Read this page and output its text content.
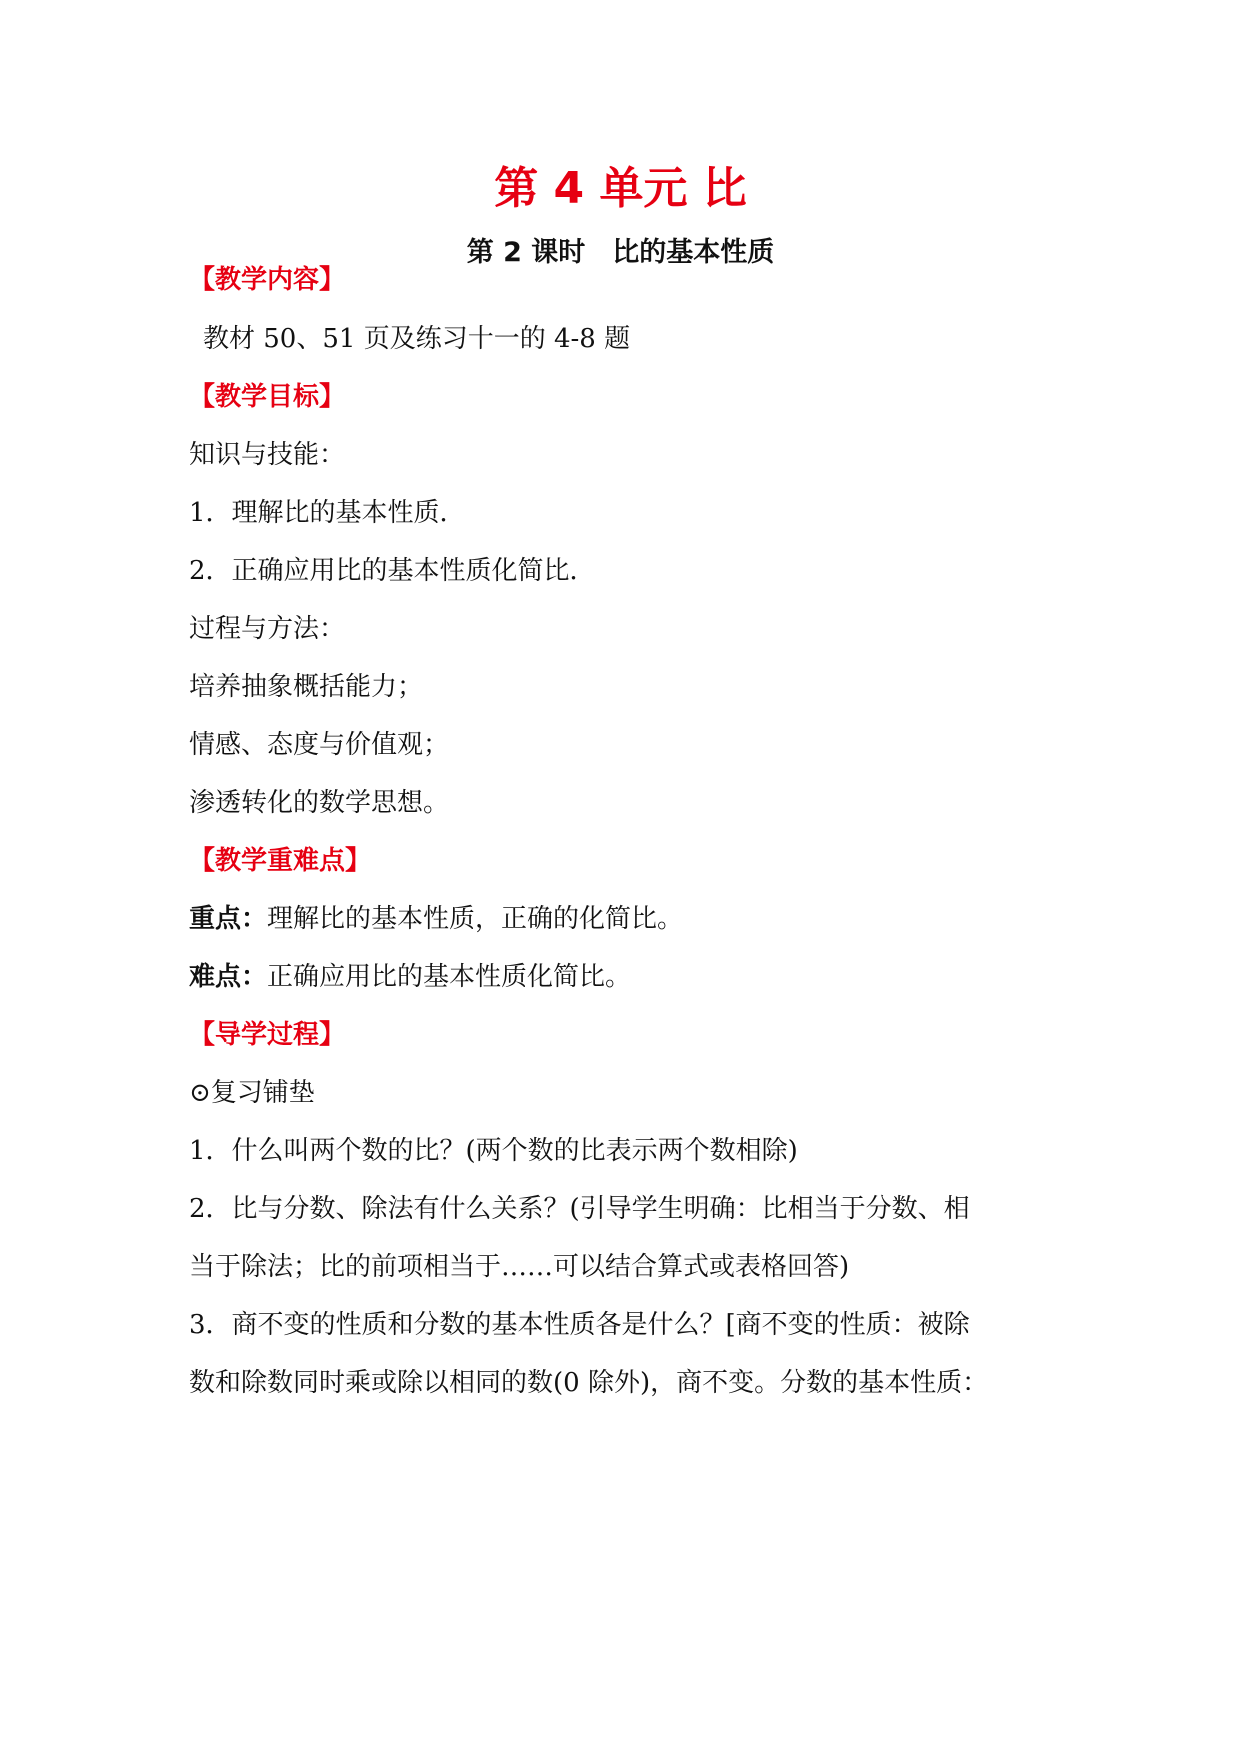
第 4 单元 比
第 2 课时　比的基本性质
【教学内容】
教材 50、51 页及练习十一的 4-8 题
【教学目标】
知识与技能：
1．理解比的基本性质．
2．正确应用比的基本性质化简比．
过程与方法：
培养抽象概括能力；
情感、态度与价值观；
渗透转化的数学思想。
【教学重难点】
重点：理解比的基本性质，正确的化简比。
难点：正确应用比的基本性质化简比。
【导学过程】
⊙复习铺垫
1．什么叫两个数的比？(两个数的比表示两个数相除)
2．比与分数、除法有什么关系？(引导学生明确：比相当于分数、相
当于除法；比的前项相当于……可以结合算式或表格回答)
3．商不变的性质和分数的基本性质各是什么？[商不变的性质：被除
数和除数同时乘或除以相同的数(0 除外)，商不变。分数的基本性质：
